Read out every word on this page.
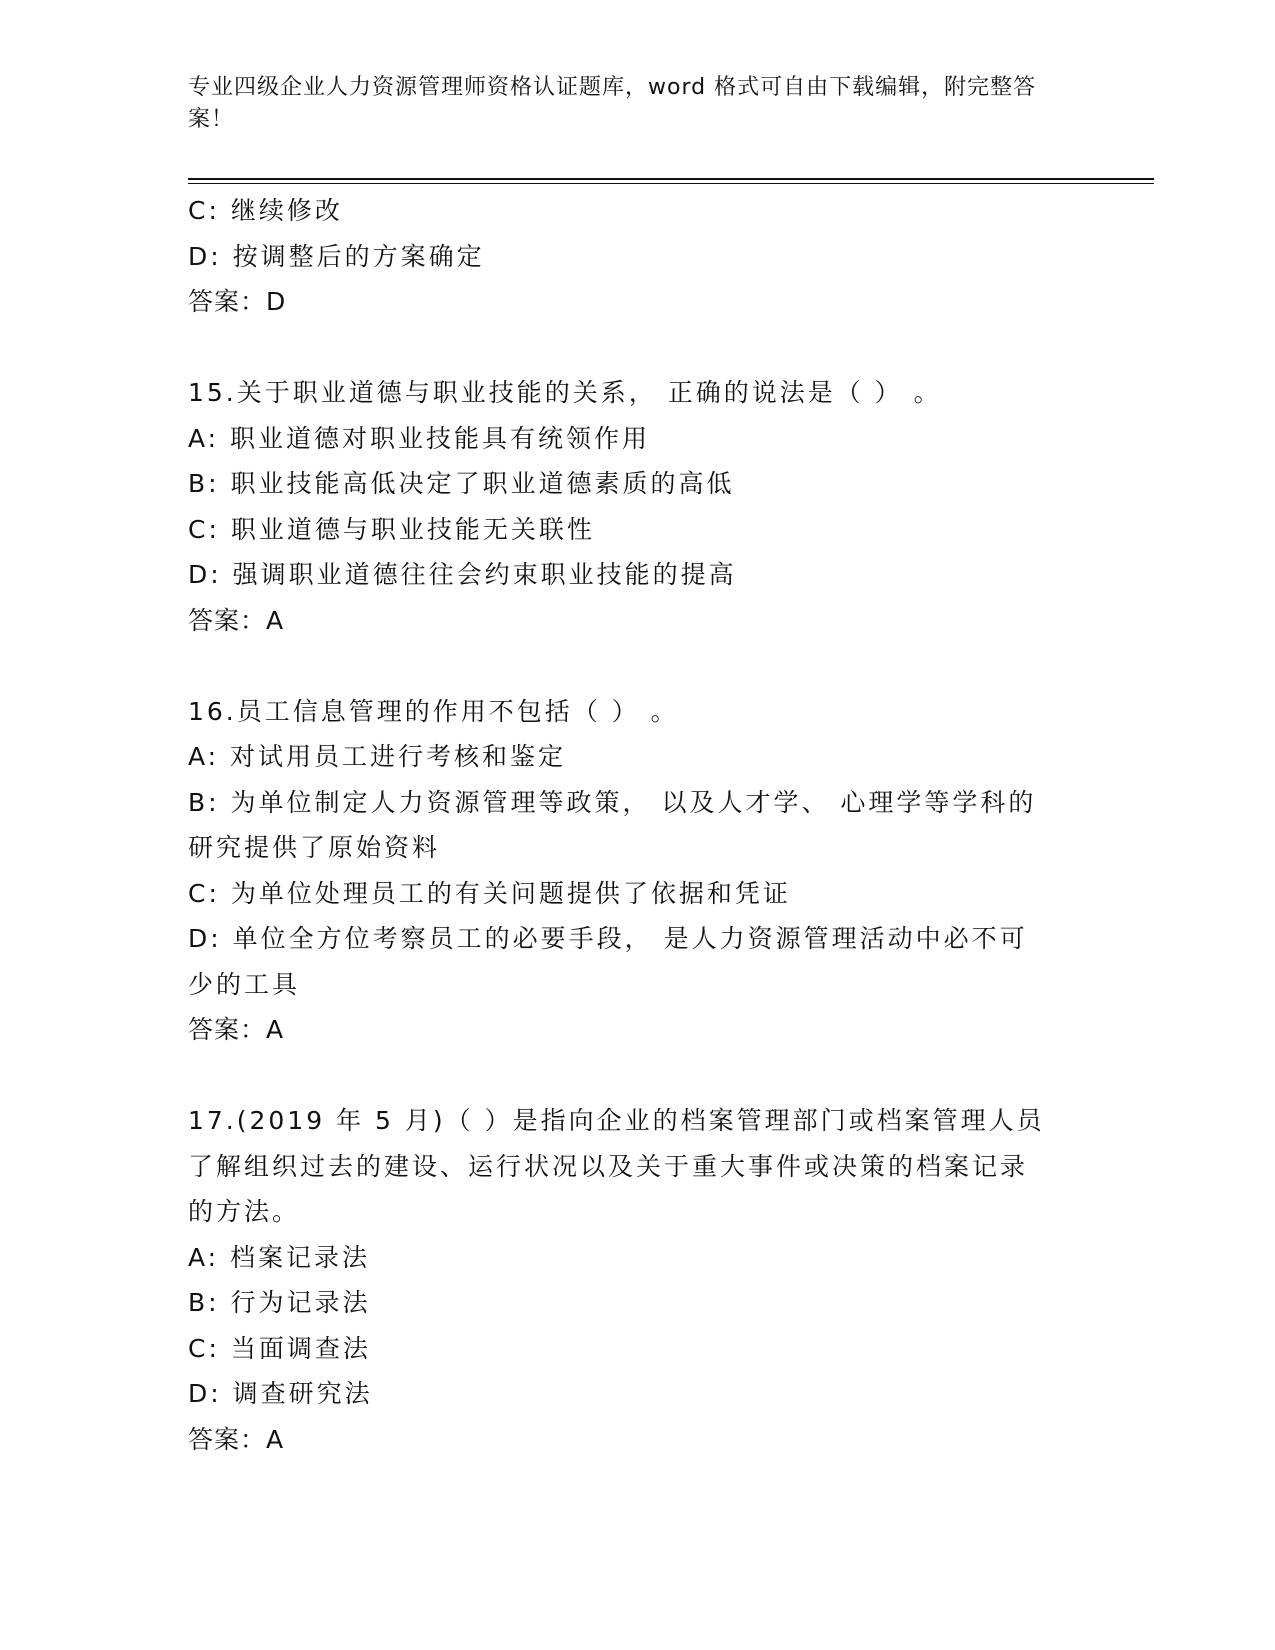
专业四级企业人力资源管理师资格认证题库，word 格式可自由下载编辑，附完整答案！
C: 继续修改
D: 按调整后的方案确定
答案：D
15.关于职业道德与职业技能的关系， 正确的说法是（ ） 。
A: 职业道德对职业技能具有统领作用
B: 职业技能高低决定了职业道德素质的高低
C: 职业道德与职业技能无关联性
D: 强调职业道德往往会约束职业技能的提高
答案：A
16.员工信息管理的作用不包括（ ） 。
A: 对试用员工进行考核和鉴定
B: 为单位制定人力资源管理等政策， 以及人才学、 心理学等学科的
研究提供了原始资料
C: 为单位处理员工的有关问题提供了依据和凭证
D: 单位全方位考察员工的必要手段， 是人力资源管理活动中必不可
少的工具
答案：A
17.(2019 年 5 月)（ ）是指向企业的档案管理部门或档案管理人员
了解组织过去的建设、运行状况以及关于重大事件或决策的档案记录
的方法。
A: 档案记录法
B: 行为记录法
C: 当面调查法
D: 调查研究法
答案：A
